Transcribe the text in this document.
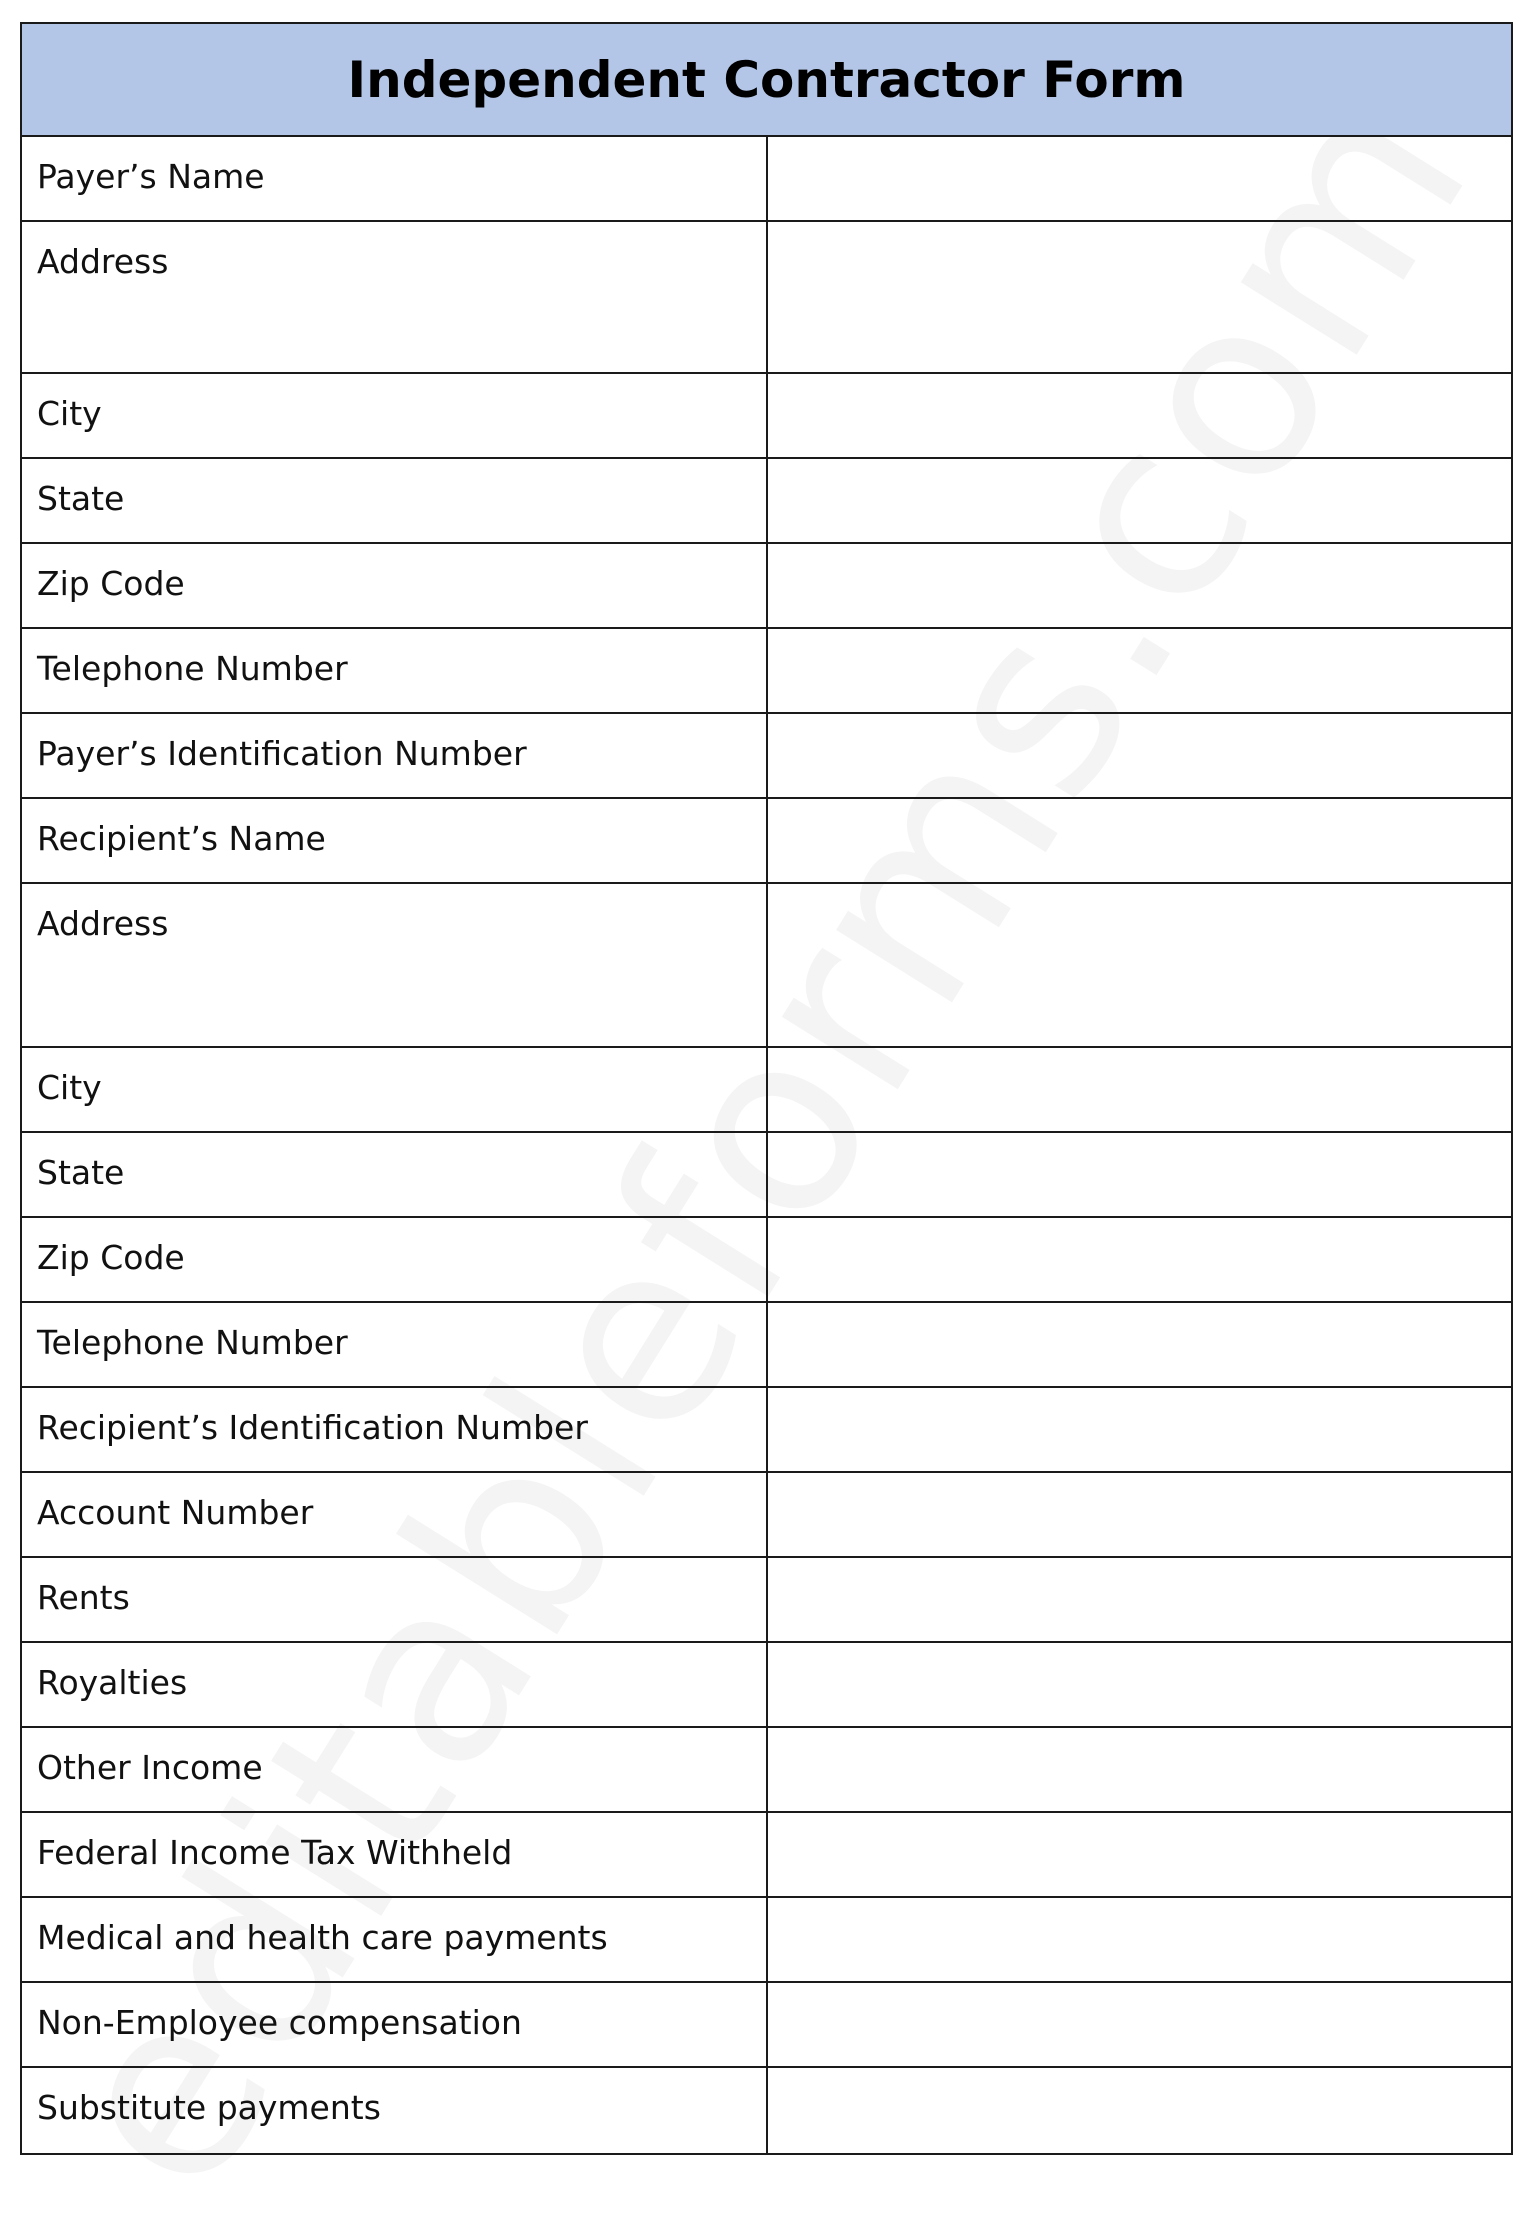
Independent Contractor Form
Payer’s Name
Address
City
State
Zip Code
Telephone Number
Payer’s Identification Number
Recipient’s Name
Address
City
State
Zip Code
Telephone Number
Recipient’s Identification Number
Account Number
Rents
Royalties
Other Income
Federal Income Tax Withheld
Medical and health care payments
Non-Employee compensation
Substitute payments
